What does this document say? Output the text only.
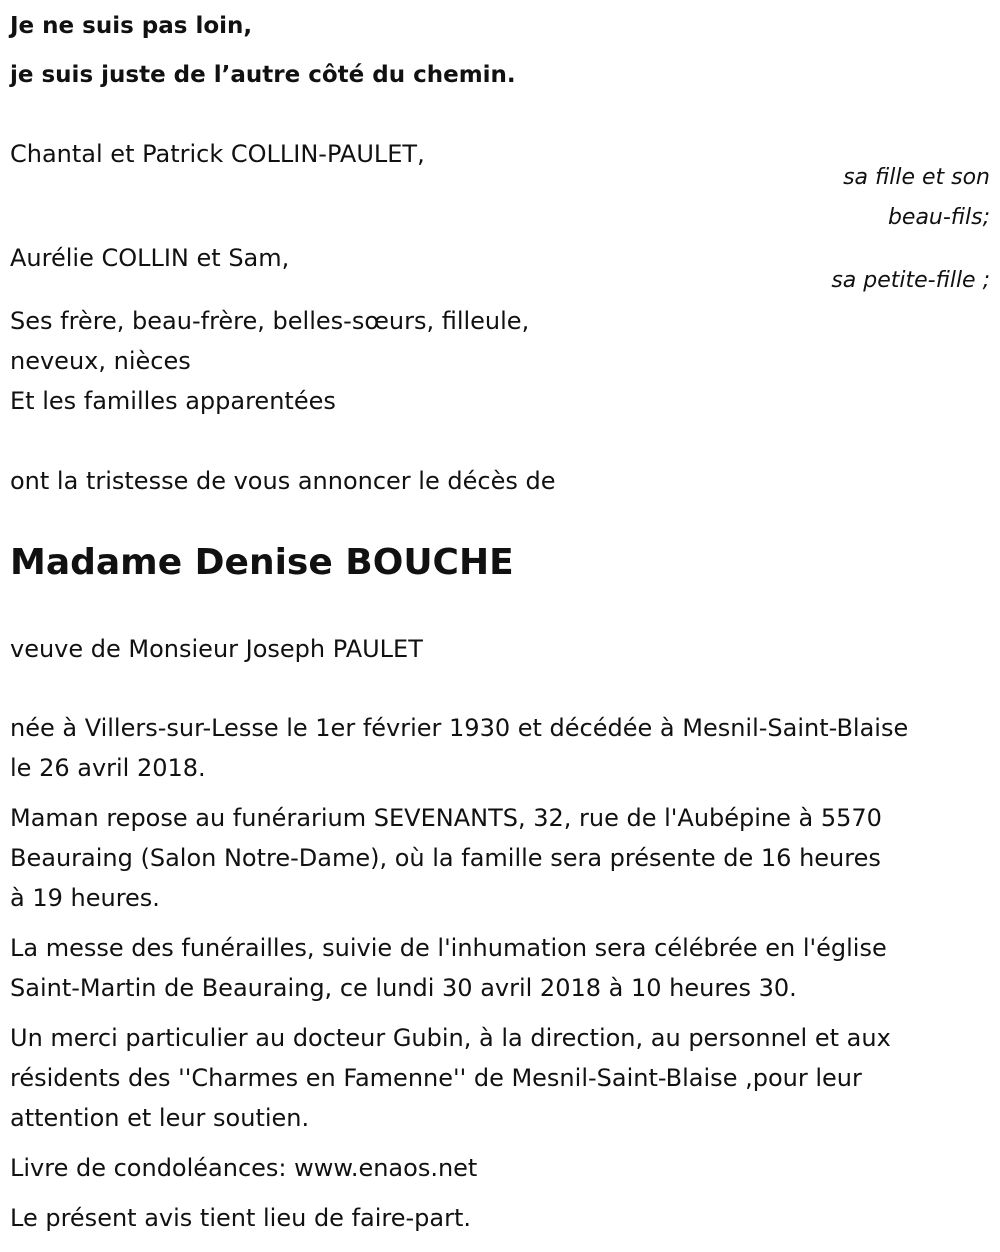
Je ne suis pas loin,

je suis juste de l’autre côté du chemin.

Chantal et Patrick COLLIN-PAULET,

sa fille et son

beau-fils;

Aurélie COLLIN et Sam,

sa petite-fille ;

Ses frère, beau-frère, belles-sœurs, filleule,

neveux, nièces

Et les familles apparentées

ont la tristesse de vous annoncer le décès de

Madame Denise BOUCHE

veuve de Monsieur Joseph PAULET

née à Villers-sur-Lesse le 1er février 1930 et décédée à Mesnil-Saint-Blaise

le 26 avril 2018.

Maman repose au funérarium SEVENANTS, 32, rue de l'Aubépine à 5570

Beauraing (Salon Notre-Dame), où la famille sera présente de 16 heures

à 19 heures.

La messe des funérailles, suivie de l'inhumation sera célébrée en l'église

Saint-Martin de Beauraing, ce lundi 30 avril 2018 à 10 heures 30.

Un merci particulier au docteur Gubin, à la direction, au personnel et aux

résidents des ''Charmes en Famenne'' de Mesnil-Saint-Blaise ,pour leur

attention et leur soutien.

Livre de condoléances: www.enaos.net

Le présent avis tient lieu de faire-part.
